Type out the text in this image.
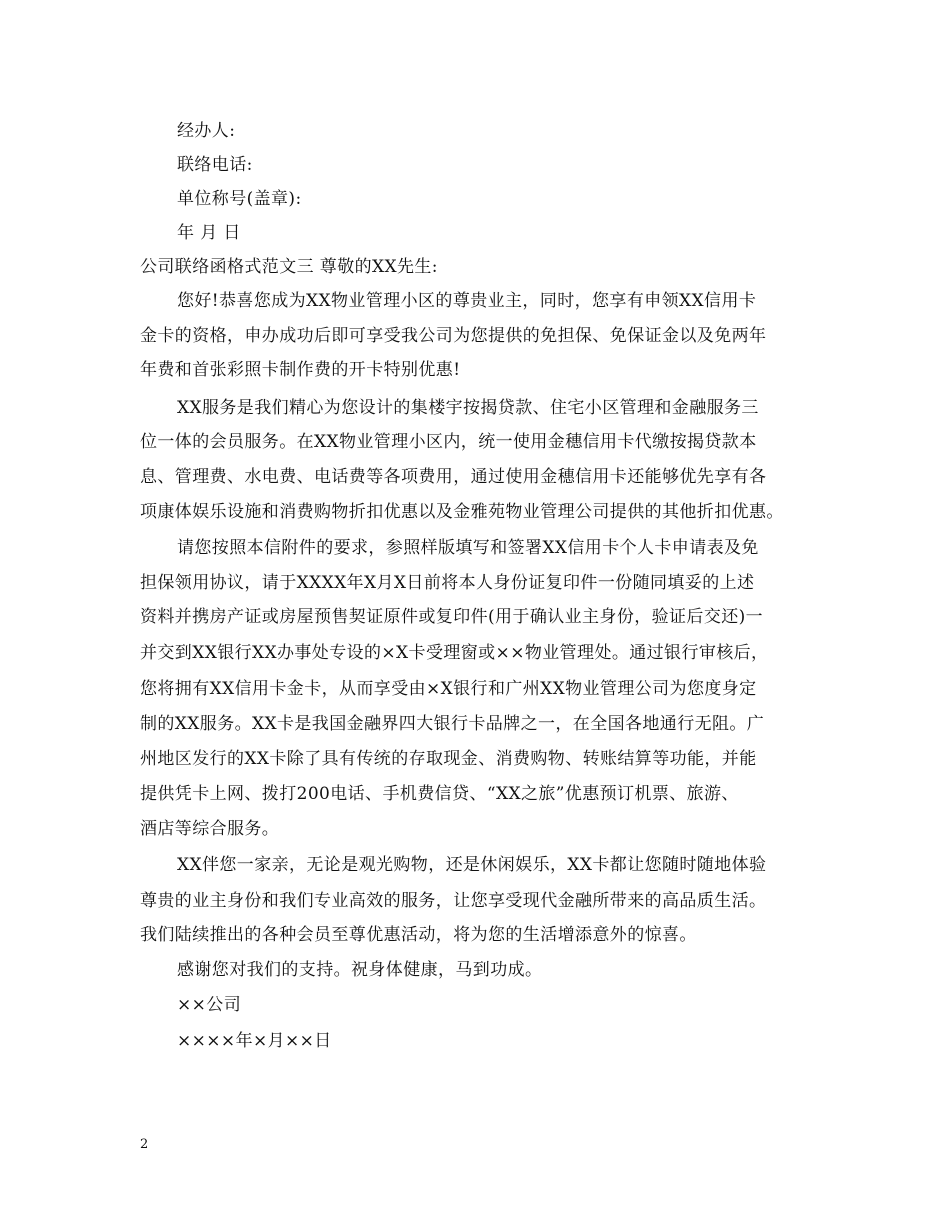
经办人:
联络电话:
单位称号(盖章):
年 月 日
公司联络函格式范文三 尊敬的XX先生:
您好!恭喜您成为XX物业管理小区的尊贵业主，同时，您享有申领XX信用卡
金卡的资格，申办成功后即可享受我公司为您提供的免担保、免保证金以及免两年
年费和首张彩照卡制作费的开卡特别优惠!
XX服务是我们精心为您设计的集楼宇按揭贷款、住宅小区管理和金融服务三
位一体的会员服务。在XX物业管理小区内，统一使用金穗信用卡代缴按揭贷款本
息、管理费、水电费、电话费等各项费用，通过使用金穗信用卡还能够优先享有各
项康体娱乐设施和消费购物折扣优惠以及金雅苑物业管理公司提供的其他折扣优惠。
请您按照本信附件的要求，参照样版填写和签署XX信用卡个人卡申请表及免
担保领用协议，请于XXXX年X月X日前将本人身份证复印件一份随同填妥的上述
资料并携房产证或房屋预售契证原件或复印件(用于确认业主身份，验证后交还)一
并交到XX银行XX办事处专设的×X卡受理窗或××物业管理处。通过银行审核后，
您将拥有XX信用卡金卡，从而享受由×X银行和广州XX物业管理公司为您度身定
制的XX服务。XX卡是我国金融界四大银行卡品牌之一，在全国各地通行无阻。广
州地区发行的XX卡除了具有传统的存取现金、消费购物、转账结算等功能，并能
提供凭卡上网、拨打200电话、手机费信贷、“XX之旅”优惠预订机票、旅游、
酒店等综合服务。
XX伴您一家亲，无论是观光购物，还是休闲娱乐，XX卡都让您随时随地体验
尊贵的业主身份和我们专业高效的服务，让您享受现代金融所带来的高品质生活。
我们陆续推出的各种会员至尊优惠活动，将为您的生活增添意外的惊喜。
感谢您对我们的支持。祝身体健康，马到功成。
××公司
××××年×月××日
2
